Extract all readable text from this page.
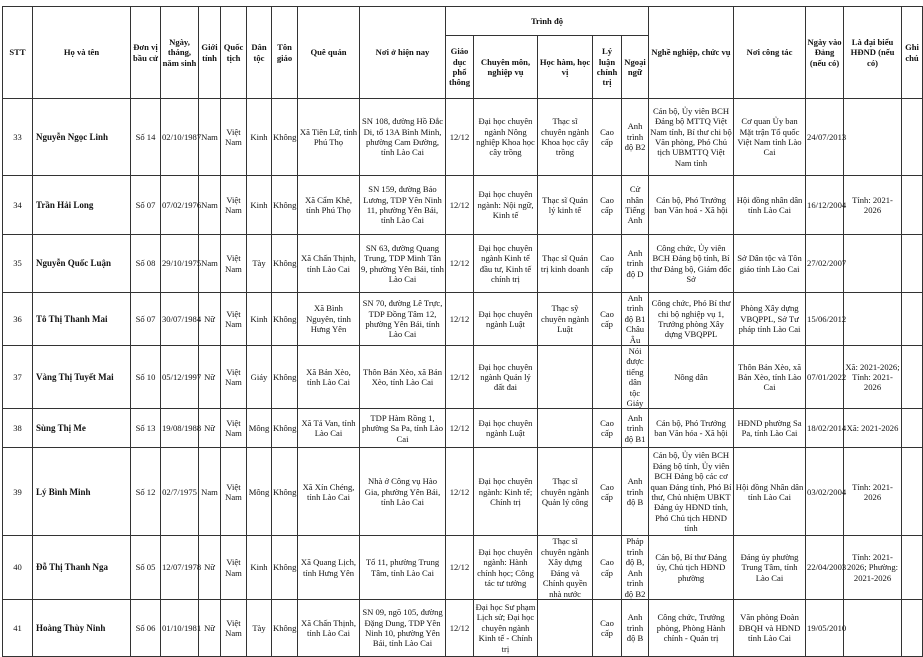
STT	Họ và tên	Đơn vị bầu cử	Ngày, tháng, năm sinh	Giới tính	Quốc tịch	Dân tộc	Tôn giáo	Quê quán	Nơi ở hiện nay	Trình độ					Nghề nghiệp, chức vụ	Nơi công tác	Ngày vào Đảng (nếu có)	Là đại biểu HĐND (nếu có)	Ghi chú
										Giáo dục phổ thông	Chuyên môn, nghiệp vụ	Học hàm, học vị	Lý luận chính trị	Ngoại ngữ					
33	Nguyễn Ngọc Linh	Số 14	02/10/1987	Nam	Việt Nam	Kinh	Không	Xã Tiên Lữ, tỉnh Phú Thọ	SN 108, đường Hồ Đắc Di, tổ 13A Bình Minh, phường Cam Đường, tỉnh Lào Cai	12/12	Đại học chuyên ngành Nông nghiệp Khoa học cây trồng	Thạc sĩ chuyên ngành Khoa học cây trồng	Cao cấp	Anh trình độ B2	Cán bộ, Ủy viên BCH Đảng bộ MTTQ Việt Nam tỉnh, Bí thư chi bộ Văn phòng, Phó Chủ tịch UBMTTQ Việt Nam tỉnh	Cơ quan Ủy ban Mặt trận Tổ quốc Việt Nam tỉnh Lào Cai	24/07/2013		
34	Trần Hải Long	Số 07	07/02/1976	Nam	Việt Nam	Kinh	Không	Xã Cẩm Khê, tỉnh Phú Thọ	SN 159, đường Bảo Lương, TDP Yên Ninh 11, phường Yên Bái, tỉnh Lào Cai	12/12	Đại học chuyên ngành: Nội ngữ, Kinh tế	Thạc sĩ Quản lý kinh tế	Cao cấp	Cử nhân Tiếng Anh	Cán bộ, Phó Trưởng ban Văn hoá - Xã hội	Hội đồng nhân dân tỉnh Lào Cai	16/12/2004	Tỉnh: 2021-2026	
35	Nguyễn Quốc Luận	Số 08	29/10/1975	Nam	Việt Nam	Tày	Không	Xã Chấn Thịnh, tỉnh Lào Cai	SN 63, đường Quang Trung, TDP Minh Tân 9, phường Yên Bái, tỉnh Lào Cai	12/12	Đại học chuyên ngành Kinh tế đầu tư, Kinh tế chính trị	Thạc sĩ Quản trị kinh doanh	Cao cấp	Anh trình độ D	Công chức, Ủy viên BCH Đảng bộ tỉnh, Bí thư Đảng bộ, Giám đốc Sở	Sở Dân tộc và Tôn giáo tỉnh Lào Cai	27/02/2007		
36	Tô Thị Thanh Mai	Số 07	30/07/1984	Nữ	Việt Nam	Kinh	Không	Xã Bình Nguyên, tỉnh Hưng Yên	SN 70, đường Lê Trực, TDP Đồng Tâm 12, phường Yên Bái, tỉnh Lào Cai	12/12	Đại học chuyên ngành Luật	Thạc sỹ chuyên ngành Luật	Cao cấp	Anh trình độ B1 Châu Âu	Công chức, Phó Bí thư chi bộ nghiệp vụ 1, Trưởng phòng Xây dựng VBQPPL	Phòng Xây dựng VBQPPL, Sở Tư pháp tỉnh Lào Cai	15/06/2012		
37	Vàng Thị Tuyết Mai	Số 10	05/12/1997	Nữ	Việt Nam	Giáy	Không	Xã Bản Xèo, tỉnh Lào Cai	Thôn Bản Xèo, xã Bản Xèo, tỉnh Lào Cai	12/12	Đại học chuyên ngành Quản lý đất đai			Nói được tiếng dân tộc Giáy	Nông dân	Thôn Bản Xèo, xã Bản Xèo, tỉnh Lào Cai	07/01/2022	Xã: 2021-2026; Tỉnh: 2021-2026	
38	Sùng Thị Me	Số 13	19/08/1988	Nữ	Việt Nam	Mông	Không	Xã Tả Van, tỉnh Lào Cai	TDP Hàm Rồng 1, phường Sa Pa, tỉnh Lào Cai	12/12	Đại học chuyên ngành Luật		Cao cấp	Anh trình độ B1	Cán bộ, Phó Trưởng ban Văn hóa - Xã hội	HĐND phường Sa Pa, tỉnh Lào Cai	18/02/2014	Xã: 2021-2026	
39	Lý Bình Minh	Số 12	02/7/1975	Nam	Việt Nam	Mông	Không	Xã Xín Chéng, tỉnh Lào Cai	Nhà ở Công vụ Hào Gia, phường Yên Bái, tỉnh Lào Cai	12/12	Đại học chuyên ngành: Kinh tế; Chính trị	Thạc sĩ chuyên ngành Quản lý công	Cao cấp	Anh trình độ B	Cán bộ, Ủy viên BCH Đảng bộ tỉnh, Ủy viên BCH Đảng bộ các cơ quan Đảng tỉnh, Phó Bí thư, Chủ nhiệm UBKT Đảng ủy HĐND tỉnh, Phó Chủ tịch HĐND tỉnh	Hội đồng Nhân dân tỉnh Lào Cai	03/02/2004	Tỉnh: 2021-2026	
40	Đỗ Thị Thanh Nga	Số 05	12/07/1978	Nữ	Việt Nam	Kinh	Không	Xã Quang Lịch, tỉnh Hưng Yên	Tổ 11, phường Trung Tâm, tỉnh Lào Cai	12/12	Đại học chuyên ngành: Hành chính học; Công tác tư tưởng	Thạc sĩ chuyên ngành Xây dựng Đảng và Chính quyền nhà nước	Cao cấp	Pháp trình độ B, Anh trình độ B2	Cán bộ, Bí thư Đảng ủy, Chủ tịch HĐND phường	Đảng ủy phường Trung Tâm, tỉnh Lào Cai	22/04/2003	Tỉnh: 2021-2026; Phường: 2021-2026	
41	Hoàng Thùy Ninh	Số 06	01/10/1981	Nữ	Việt Nam	Tày	Không	Xã Chấn Thịnh, tỉnh Lào Cai	SN 09, ngõ 105, đường Đặng Dung, TDP Yên Ninh 10, phường Yên Bái, tỉnh Lào Cai	12/12	Đại học Sư phạm Lịch sử; Đại học chuyên ngành Kinh tế - Chính trị		Cao cấp	Anh trình độ B	Công chức, Trưởng phòng, Phòng Hành chính - Quản trị	Văn phòng Đoàn ĐBQH và HĐND tỉnh Lào Cai	19/05/2010		
